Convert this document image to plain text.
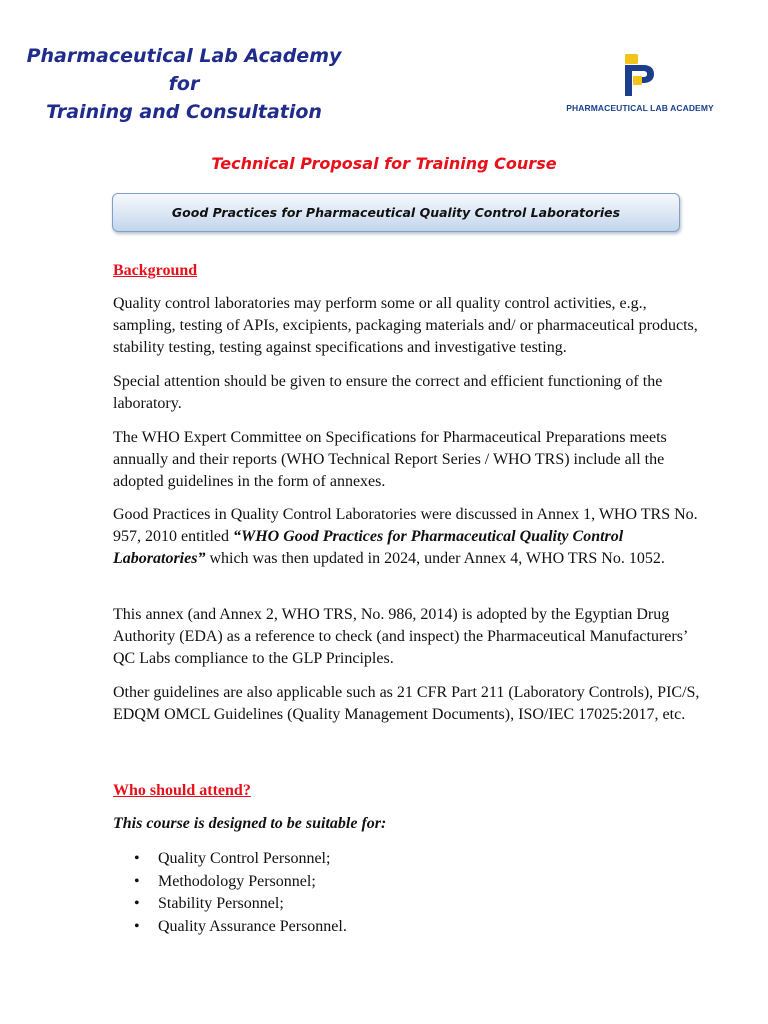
Pharmaceutical Lab Academy
for
Training and Consultation	PHARMACEUTICAL LAB ACADEMY
Technical Proposal for Training Course
Good Practices for Pharmaceutical Quality Control Laboratories
Background

Quality control laboratories may perform some or all quality control activities, e.g., sampling, testing of APIs, excipients, packaging materials and/ or pharmaceutical products, stability testing, testing against specifications and investigative testing.

Special attention should be given to ensure the correct and efficient functioning of the laboratory.

The WHO Expert Committee on Specifications for Pharmaceutical Preparations meets annually and their reports (WHO Technical Report Series / WHO TRS) include all the adopted guidelines in the form of annexes.

Good Practices in Quality Control Laboratories were discussed in Annex 1, WHO TRS No. 957, 2010 entitled “WHO Good Practices for Pharmaceutical Quality Control Laboratories” which was then updated in 2024, under Annex 4, WHO TRS No. 1052.

This annex (and Annex 2, WHO TRS, No. 986, 2014) is adopted by the Egyptian Drug Authority (EDA) as a reference to check (and inspect) the Pharmaceutical Manufacturers’ QC Labs compliance to the GLP Principles.

Other guidelines are also applicable such as 21 CFR Part 211 (Laboratory Controls), PIC/S, EDQM OMCL Guidelines (Quality Management Documents), ISO/IEC 17025:2017, etc.

Who should attend?
This course is designed to be suitable for:
• Quality Control Personnel;
• Methodology Personnel;
• Stability Personnel;
• Quality Assurance Personnel.
